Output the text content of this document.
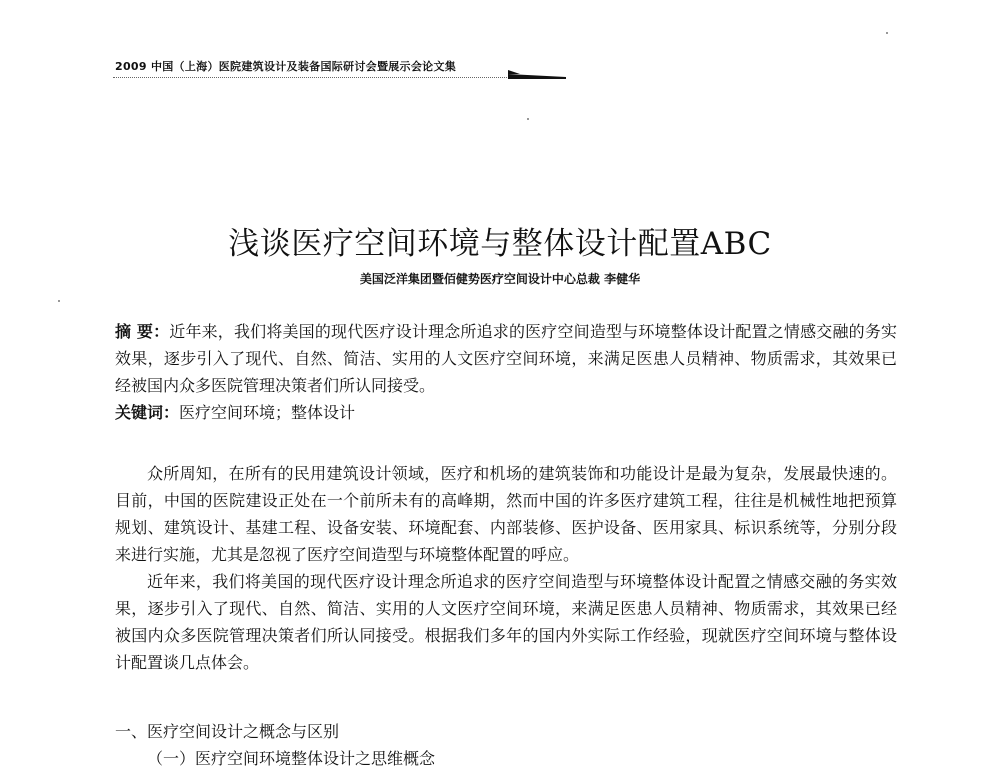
2009 中国（上海）医院建筑设计及装备国际研讨会暨展示会论文集
浅谈医疗空间环境与整体设计配置ABC
美国泛洋集团暨佰健势医疗空间设计中心总裁 李健华
摘 要：近年来，我们将美国的现代医疗设计理念所追求的医疗空间造型与环境整体设计配置之情感交融的务实效果，逐步引入了现代、自然、简洁、实用的人文医疗空间环境，来满足医患人员精神、物质需求，其效果已经被国内众多医院管理决策者们所认同接受。
关键词：医疗空间环境；整体设计

众所周知，在所有的民用建筑设计领域，医疗和机场的建筑装饰和功能设计是最为复杂，发展最快速的。目前，中国的医院建设正处在一个前所未有的高峰期，然而中国的许多医疗建筑工程，往往是机械性地把预算规划、建筑设计、基建工程、设备安装、环境配套、内部装修、医护设备、医用家具、标识系统等，分别分段来进行实施，尤其是忽视了医疗空间造型与环境整体配置的呼应。

近年来，我们将美国的现代医疗设计理念所追求的医疗空间造型与环境整体设计配置之情感交融的务实效果，逐步引入了现代、自然、简洁、实用的人文医疗空间环境，来满足医患人员精神、物质需求，其效果已经被国内众多医院管理决策者们所认同接受。根据我们多年的国内外实际工作经验，现就医疗空间环境与整体设计配置谈几点体会。

一、医疗空间设计之概念与区别
（一）医疗空间环境整体设计之思维概念
